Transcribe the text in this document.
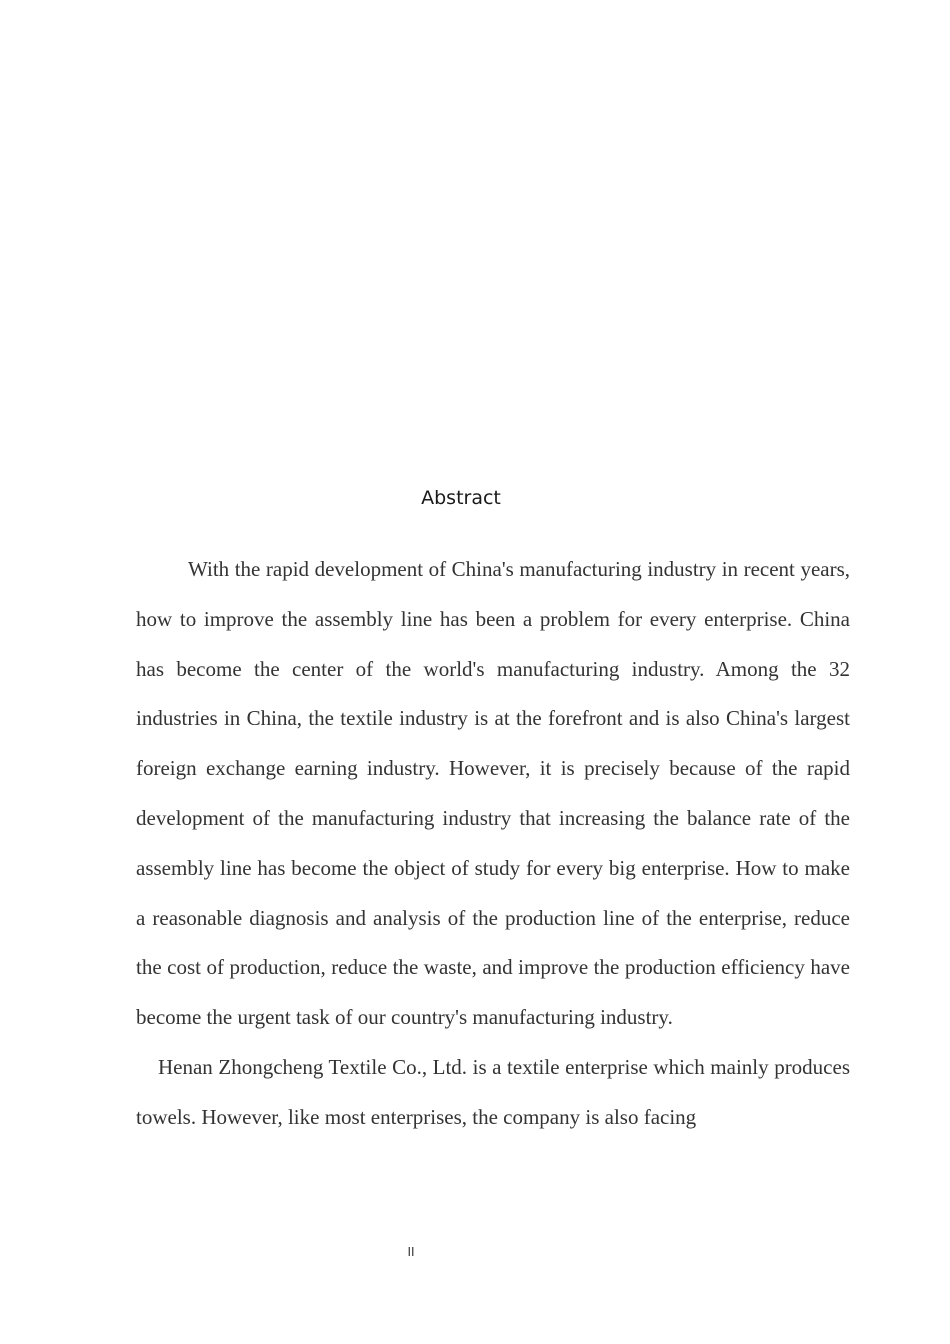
Abstract

With the rapid development of China's manufacturing industry in recent years, how to improve the assembly line has been a problem for every enterprise. China has become the center of the world's manufacturing industry. Among the 32 industries in China, the textile industry is at the forefront and is also China's largest foreign exchange earning industry. However, it is precisely because of the rapid development of the manufacturing industry that increasing the balance rate of the assembly line has become the object of study for every big enterprise. How to make a reasonable diagnosis and analysis of the production line of the enterprise, reduce the cost of production, reduce the waste, and improve the production efficiency have become the urgent task of our country's manufacturing industry.

Henan Zhongcheng Textile Co., Ltd. is a textile enterprise which mainly produces towels. However, like most enterprises, the company is also facing

II
